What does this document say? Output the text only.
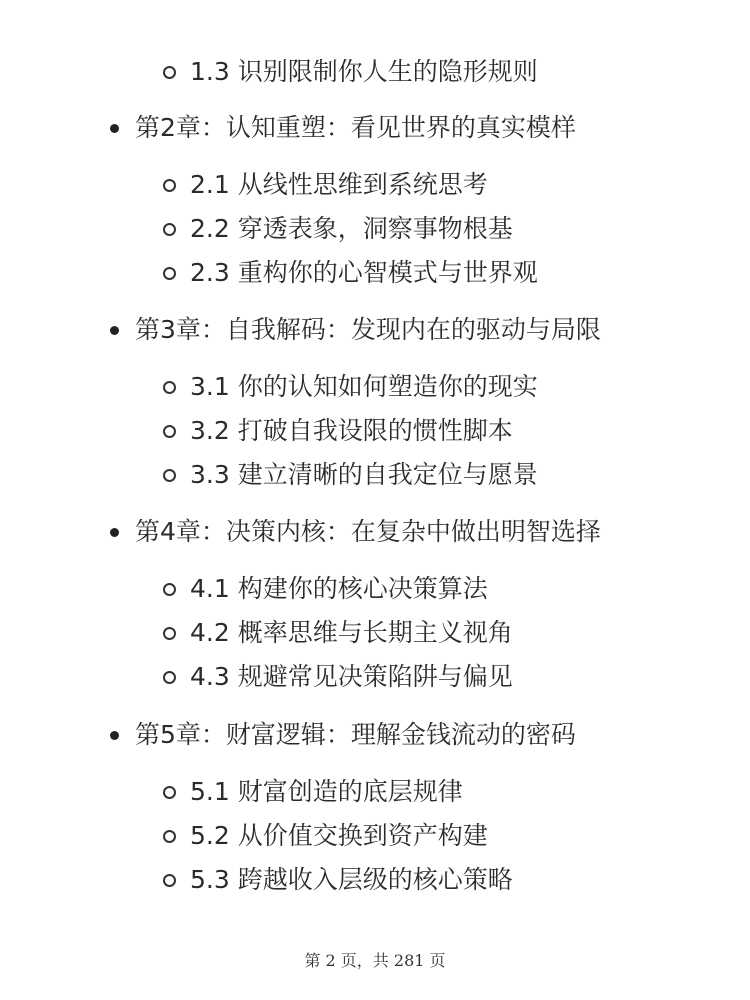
1.3 识别限制你人生的隐形规则
第2章：认知重塑：看见世界的真实模样
2.1 从线性思维到系统思考
2.2 穿透表象，洞察事物根基
2.3 重构你的心智模式与世界观
第3章：自我解码：发现内在的驱动与局限
3.1 你的认知如何塑造你的现实
3.2 打破自我设限的惯性脚本
3.3 建立清晰的自我定位与愿景
第4章：决策内核：在复杂中做出明智选择
4.1 构建你的核心决策算法
4.2 概率思维与长期主义视角
4.3 规避常见决策陷阱与偏见
第5章：财富逻辑：理解金钱流动的密码
5.1 财富创造的底层规律
5.2 从价值交换到资产构建
5.3 跨越收入层级的核心策略
第 2 页，共 281 页
